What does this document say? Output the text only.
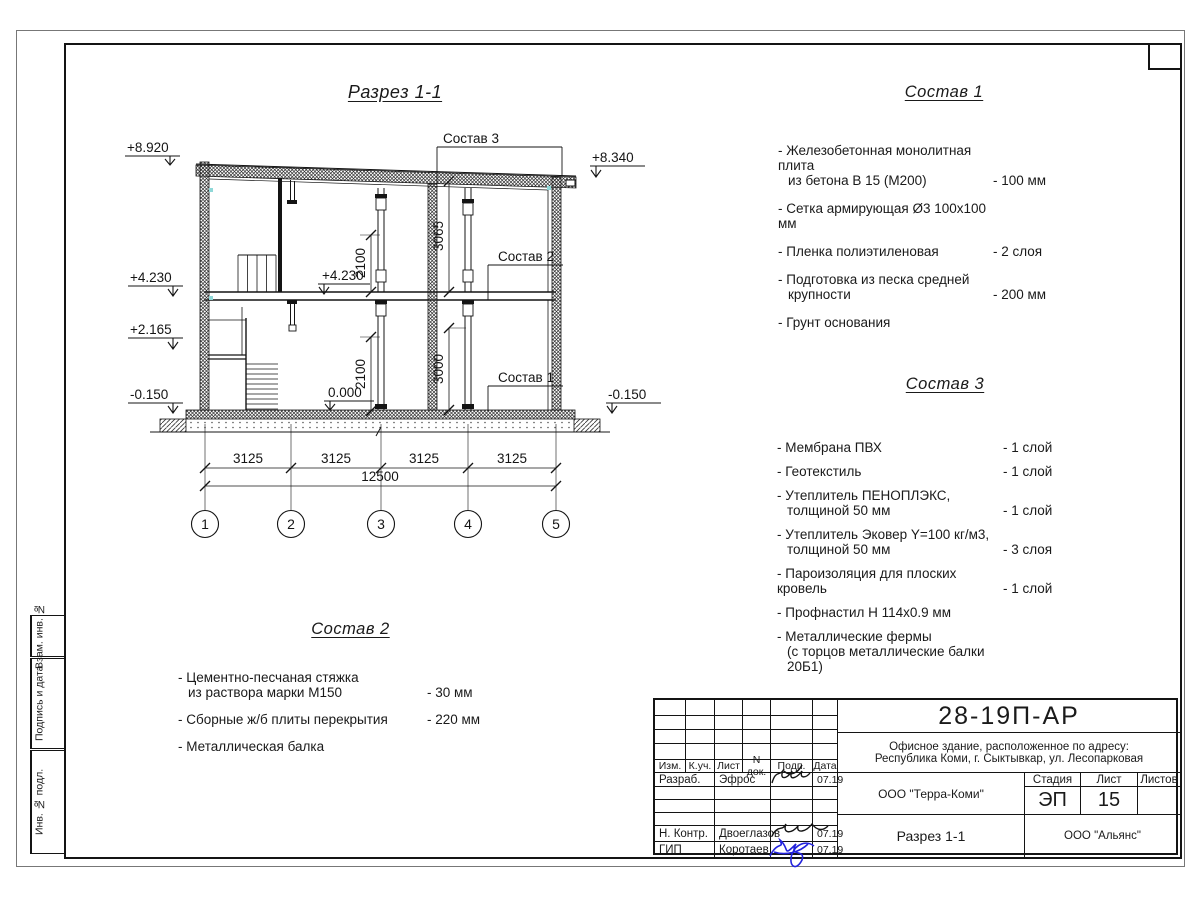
1	2	3	4	5
3125	3125	3125	3125
12500
2100
3065
3000
2100
+8.920
+8.340
+4.230
+2.165
-0.150	-0.150
+4.230
0.000
Состав 3
Состав 2
Состав 1
Разрез 1-1	Состав 1
- Железобетонная монолитная плита
из бетона В 15 (М200)	- 100 мм
- Сетка армирующая Ø3 100х100 мм
- Пленка полиэтиленовая	- 2 слоя
- Подготовка из песка средней
крупности	- 200 мм
- Грунт основания
Состав 3
- Мембрана ПВХ	- 1 слой
- Геотекстиль	- 1 слой
- Утеплитель ПЕНОПЛЭКС,
толщиной 50 мм	- 1 слой
- Утеплитель Эковер Y=100 кг/м3,
толщиной 50 мм	- 3 слоя
- Пароизоляция для плоских кровель	- 1 слой
- Профнастил Н 114х0.9 мм
- Металлические фермы
(с торцов металлические балки 20Б1)
Состав 2
- Цементно-песчаная стяжка
из раствора марки М150	- 30 мм
- Сборные ж/б плиты перекрытия	- 220 мм
- Металлическая балка
Взам. инв. №
Подпись и дата
Инв. № подл.
Изм. К.уч. Лист	N док.	Подп. Дата
Разраб.	Эфрос	07.19
Н. Контр. Двоеглазов	07.19
ГИП	Коротаев	07.19
28-19П-АР
Офисное здание, расположенное по адресу:
Республика Коми, г. Сыктывкар, ул. Лесопарковая
ООО "Терра-Коми"
Стадия	Лист	Листов
ЭП	15
Разрез 1-1	ООО "Альянс"
